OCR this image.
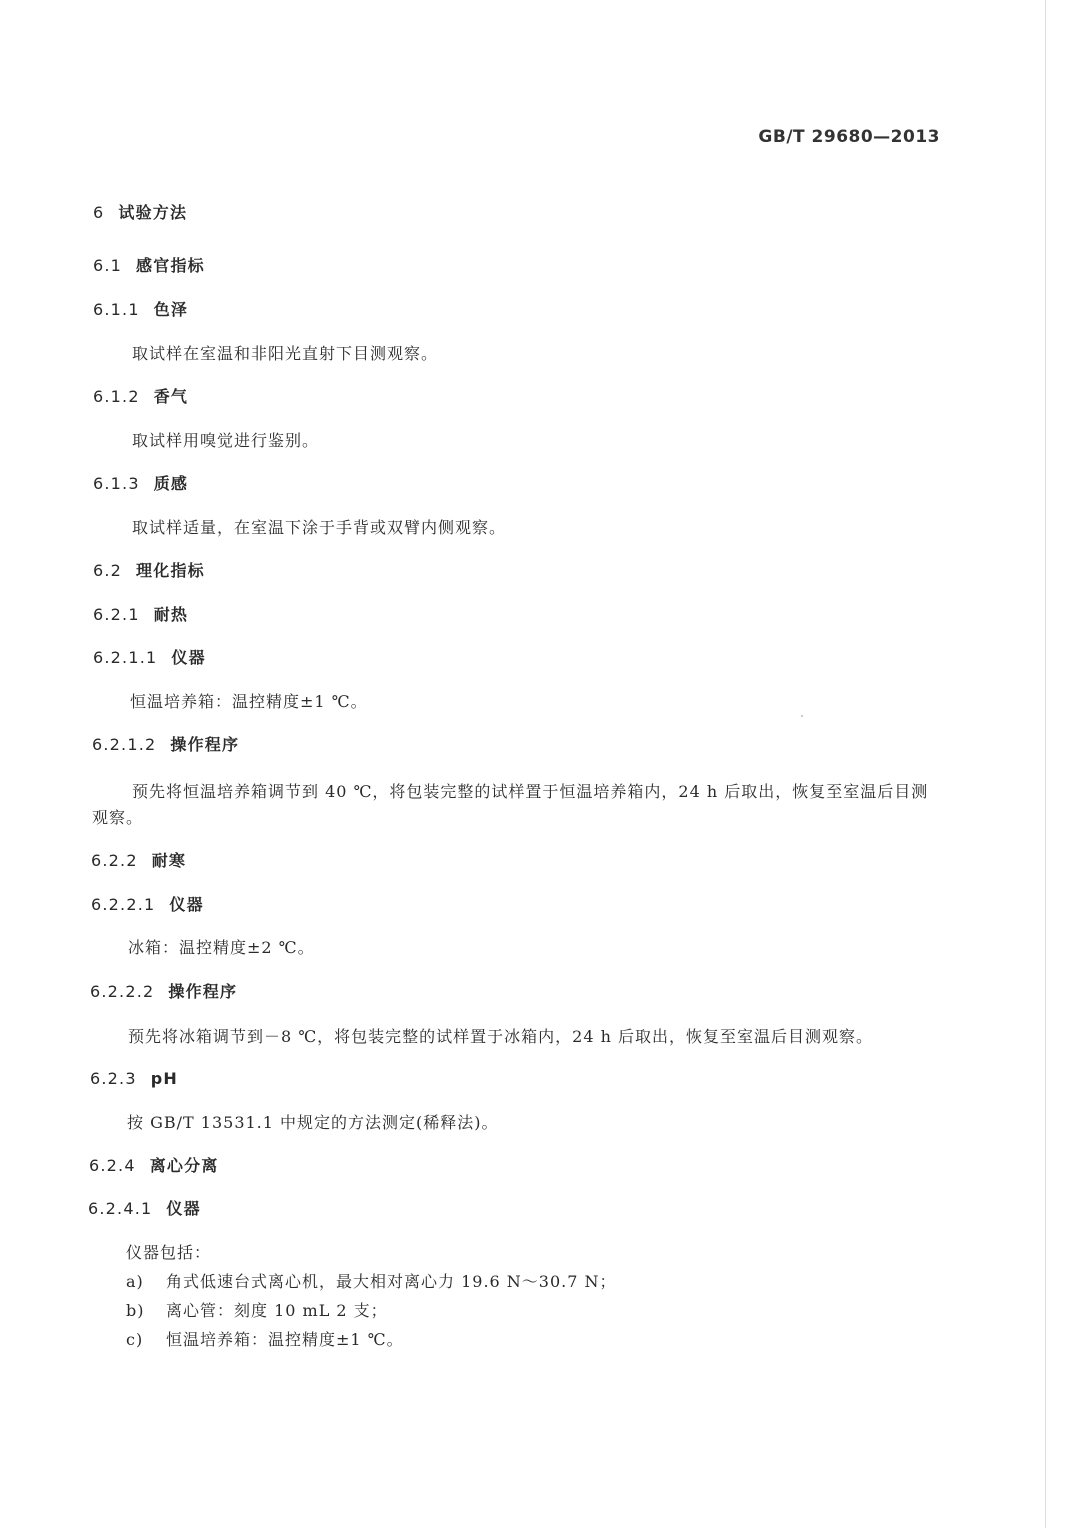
GB/T 29680—2013
6 试验方法
6.1 感官指标
6.1.1 色泽
取试样在室温和非阳光直射下目测观察。
6.1.2 香气
取试样用嗅觉进行鉴别。
6.1.3 质感
取试样适量，在室温下涂于手背或双臂内侧观察。
6.2 理化指标
6.2.1 耐热
6.2.1.1 仪器
恒温培养箱：温控精度±1 ℃。
6.2.1.2 操作程序
预先将恒温培养箱调节到 40 ℃，将包装完整的试样置于恒温培养箱内，24 h 后取出，恢复至室温后目测观察。
6.2.2 耐寒
6.2.2.1 仪器
冰箱：温控精度±2 ℃。
6.2.2.2 操作程序
预先将冰箱调节到－8 ℃，将包装完整的试样置于冰箱内，24 h 后取出，恢复至室温后目测观察。
6.2.3 pH
按 GB/T 13531.1 中规定的方法测定(稀释法)。
6.2.4 离心分离
6.2.4.1 仪器
仪器包括：
a) 角式低速台式离心机，最大相对离心力 19.6 N～30.7 N；
b) 离心管：刻度 10 mL 2 支；
c) 恒温培养箱：温控精度±1 ℃。
